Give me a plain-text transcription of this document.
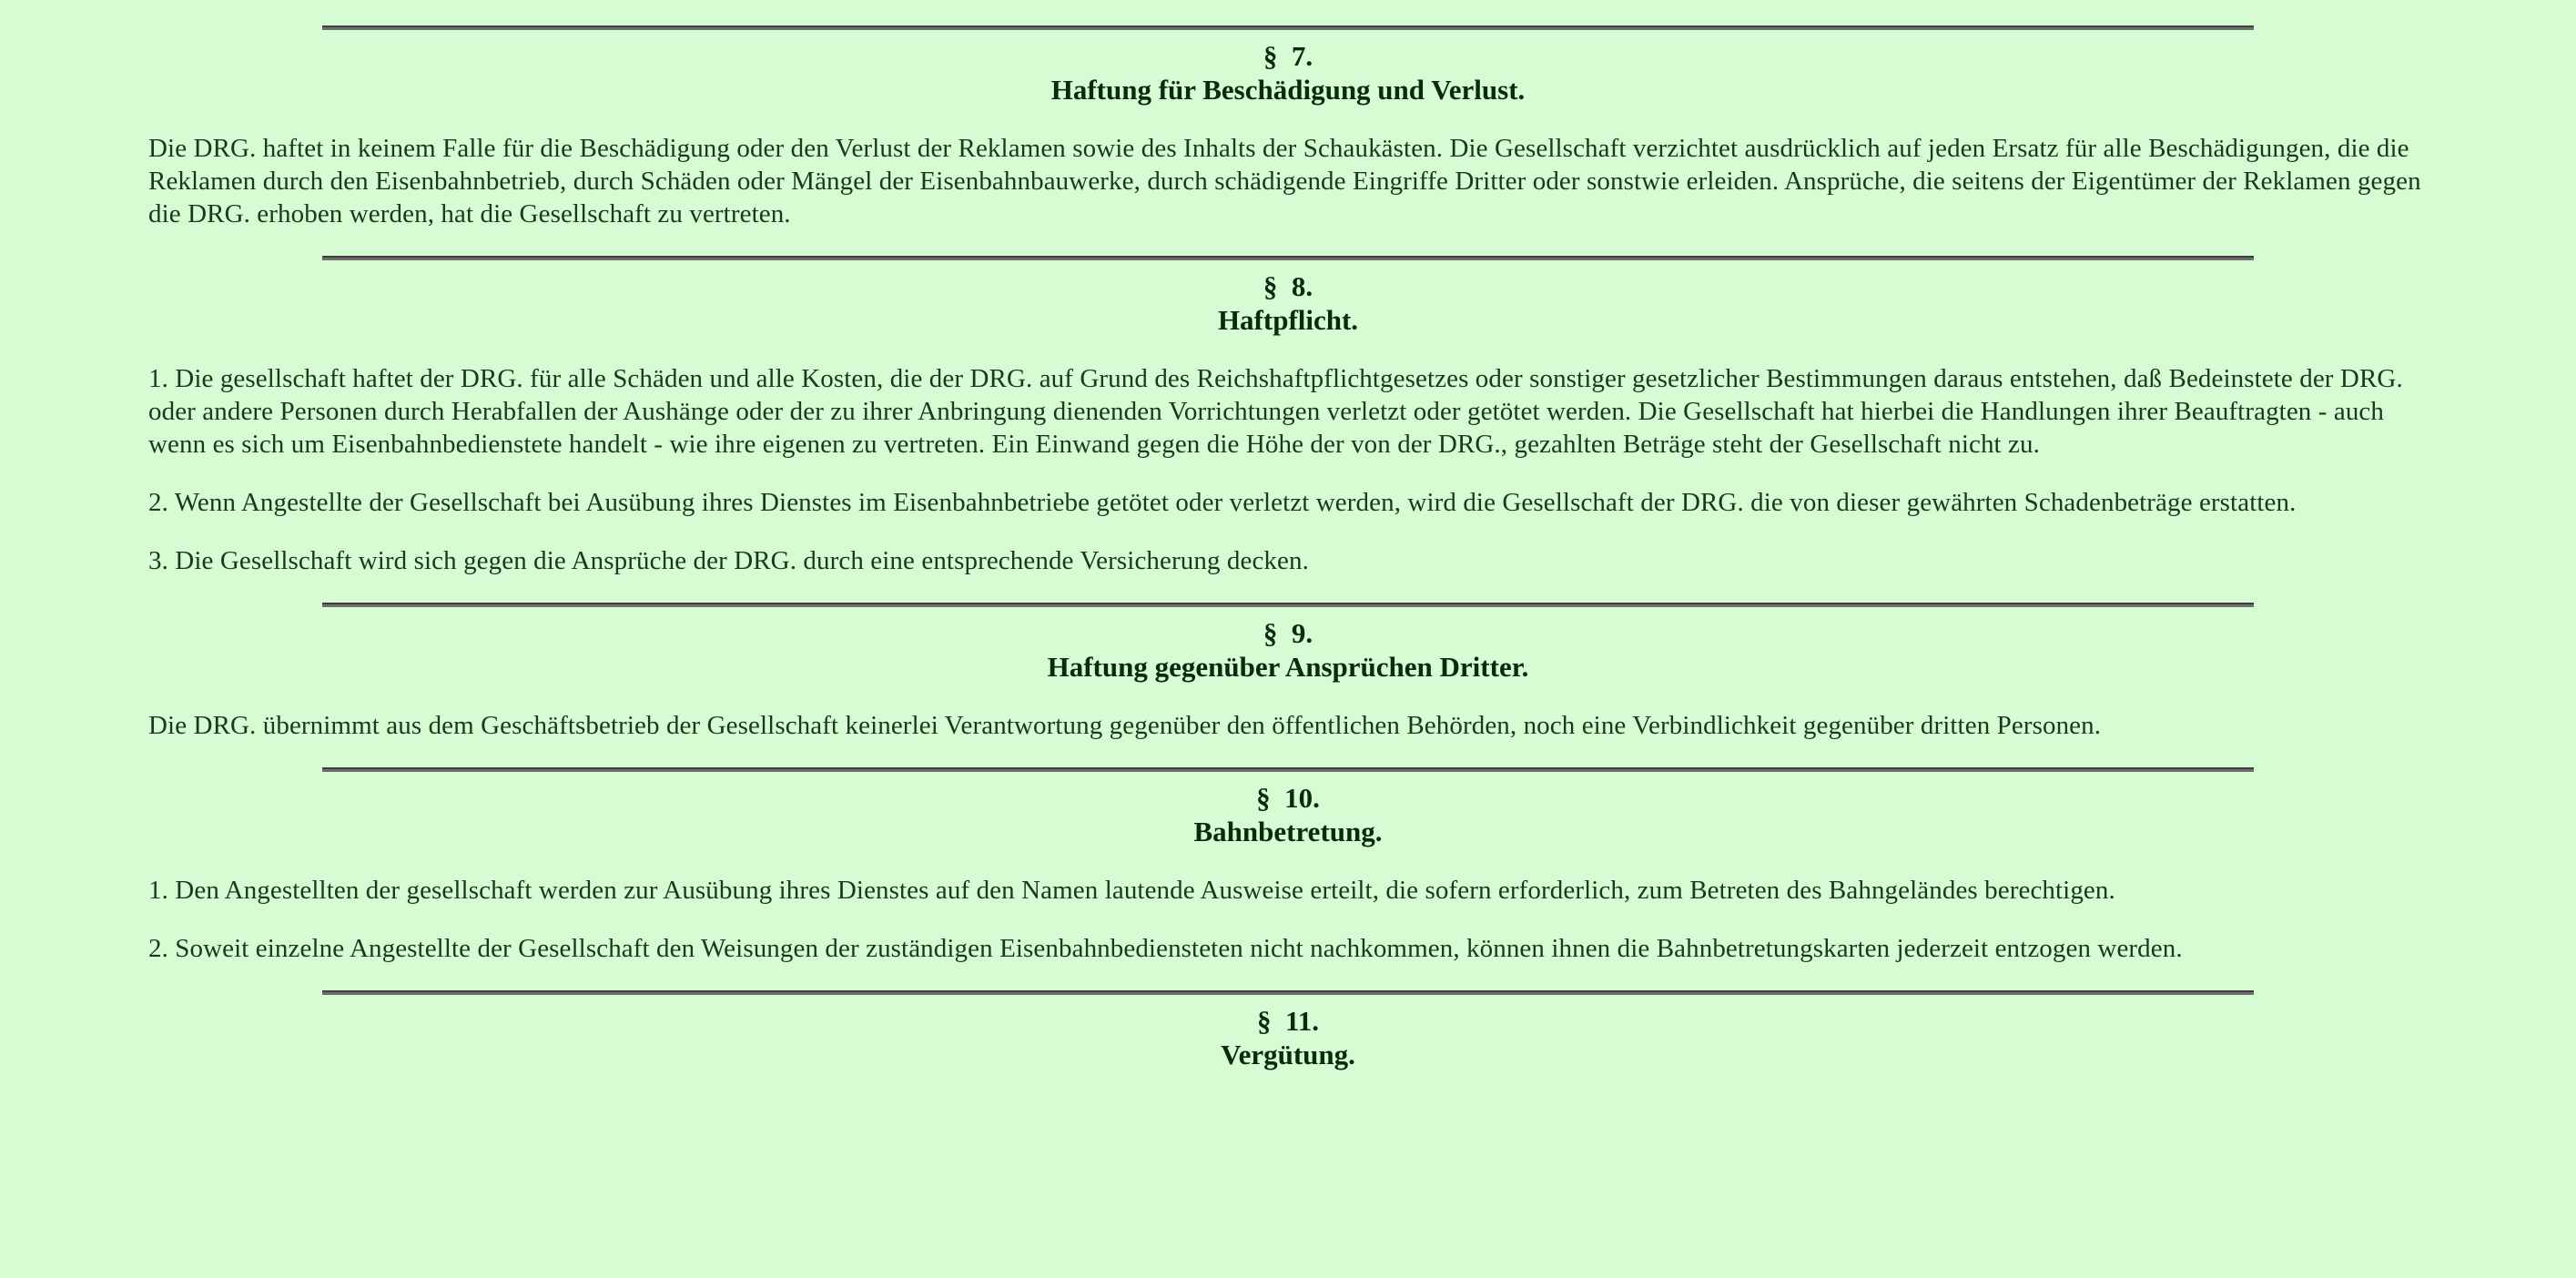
§  7.
Haftung für Beschädigung und Verlust.

Die DRG. haftet in keinem Falle für die Beschädigung oder den Verlust der Reklamen sowie des Inhalts der Schaukästen. Die Gesellschaft verzichtet ausdrücklich auf jeden Ersatz für alle Beschädigungen, die die Reklamen durch den Eisenbahnbetrieb, durch Schäden oder Mängel der Eisenbahnbauwerke, durch schädigende Eingriffe Dritter oder sonstwie erleiden. Ansprüche, die seitens der Eigentümer der Reklamen gegen die DRG. erhoben werden, hat die Gesellschaft zu vertreten.

§  8.
Haftpflicht.

1. Die gesellschaft haftet der DRG. für alle Schäden und alle Kosten, die der DRG. auf Grund des Reichshaftpflichtgesetzes oder sonstiger gesetzlicher Bestimmungen daraus entstehen, daß Bedeinstete der DRG. oder andere Personen durch Herabfallen der Aushänge oder der zu ihrer Anbringung dienenden Vorrichtungen verletzt oder getötet werden. Die Gesellschaft hat hierbei die Handlungen ihrer Beauftragten - auch wenn es sich um Eisenbahnbedienstete handelt - wie ihre eigenen zu vertreten. Ein Einwand gegen die Höhe der von der DRG., gezahlten Beträge steht der Gesellschaft nicht zu.

2. Wenn Angestellte der Gesellschaft bei Ausübung ihres Dienstes im Eisenbahnbetriebe getötet oder verletzt werden, wird die Gesellschaft der DRG. die von dieser gewährten Schadenbeträge erstatten.

3. Die Gesellschaft wird sich gegen die Ansprüche der DRG. durch eine entsprechende Versicherung decken.

§  9.
Haftung gegenüber Ansprüchen Dritter.

Die DRG. übernimmt aus dem Geschäftsbetrieb der Gesellschaft keinerlei Verantwortung gegenüber den öffentlichen Behörden, noch eine Verbindlichkeit gegenüber dritten Personen.

§  10.
Bahnbetretung.

1. Den Angestellten der gesellschaft werden zur Ausübung ihres Dienstes auf den Namen lautende Ausweise erteilt, die sofern erforderlich, zum Betreten des Bahngeländes berechtigen.

2. Soweit einzelne Angestellte der Gesellschaft den Weisungen der zuständigen Eisenbahnbediensteten nicht nachkommen, können ihnen die Bahnbetretungskarten jederzeit entzogen werden.

§  11.
Vergütung.
